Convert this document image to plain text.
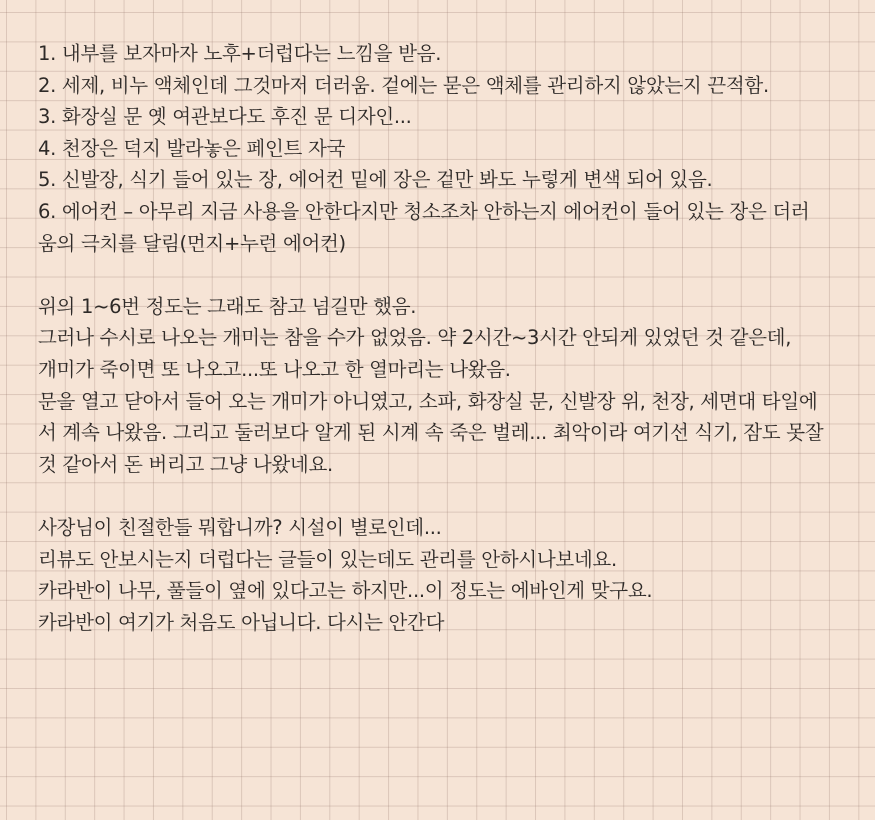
1. 내부를 보자마자 노후+더럽다는 느낌을 받음.
2. 세제, 비누 액체인데 그것마저 더러움. 겉에는 묻은 액체를 관리하지 않았는지 끈적함.
3. 화장실 문 옛 여관보다도 후진 문 디자인...
4. 천장은 덕지 발라놓은 페인트 자국
5. 신발장, 식기 들어 있는 장, 에어컨 밑에 장은 겉만 봐도 누렇게 변색 되어 있음.
6. 에어컨 – 아무리 지금 사용을 안한다지만 청소조차 안하는지 에어컨이 들어 있는 장은 더러
움의 극치를 달림(먼지+누런 에어컨)
위의 1~6번 정도는 그래도 참고 넘길만 했음.
그러나 수시로 나오는 개미는 참을 수가 없었음. 약 2시간~3시간 안되게 있었던 것 같은데,
개미가 죽이면 또 나오고...또 나오고 한 열마리는 나왔음.
문을 열고 닫아서 들어 오는 개미가 아니였고, 소파, 화장실 문, 신발장 위, 천장, 세면대 타일에
서 계속 나왔음. 그리고 둘러보다 알게 된 시계 속 죽은 벌레... 최악이라 여기선 식기, 잠도 못잘
것 같아서 돈 버리고 그냥 나왔네요.
사장님이 친절한들 뭐합니까? 시설이 별로인데...
리뷰도 안보시는지 더럽다는 글들이 있는데도 관리를 안하시나보네요.
카라반이 나무, 풀들이 옆에 있다고는 하지만...이 정도는 에바인게 맞구요.
카라반이 여기가 처음도 아닙니다. 다시는 안간다
